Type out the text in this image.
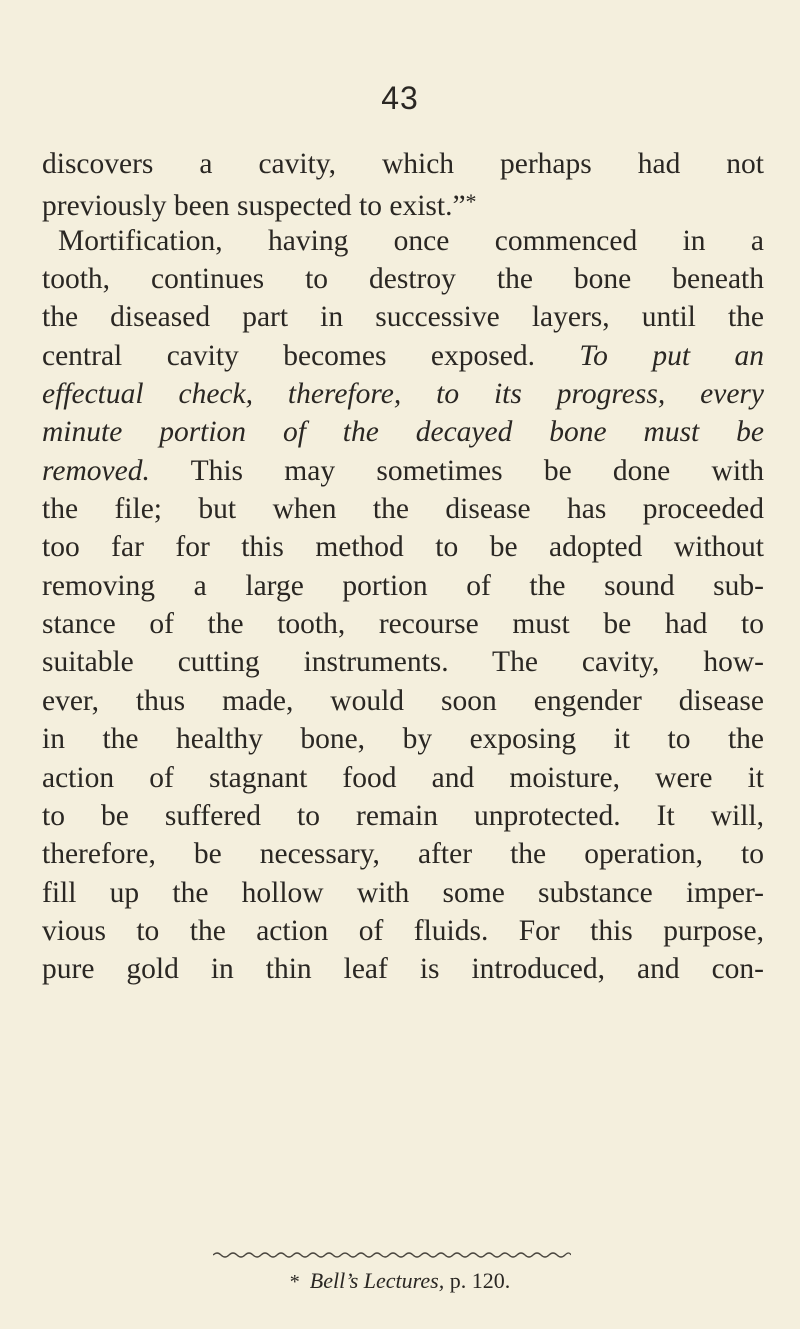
43
discovers a cavity, which perhaps had not
previously been suspected to exist.”*
Mortification, having once commenced in a
tooth, continues to destroy the bone beneath
the diseased part in successive layers, until the
central cavity becomes exposed. To put an
effectual check, therefore, to its progress, every
minute portion of the decayed bone must be
removed. This may sometimes be done with
the file; but when the disease has proceeded
too far for this method to be adopted without
removing a large portion of the sound sub-
stance of the tooth, recourse must be had to
suitable cutting instruments. The cavity, how-
ever, thus made, would soon engender disease
in the healthy bone, by exposing it to the
action of stagnant food and moisture, were it
to be suffered to remain unprotected. It will,
therefore, be necessary, after the operation, to
fill up the hollow with some substance imper-
vious to the action of fluids. For this purpose,
pure gold in thin leaf is introduced, and con-
* Bell’s Lectures, p. 120.
